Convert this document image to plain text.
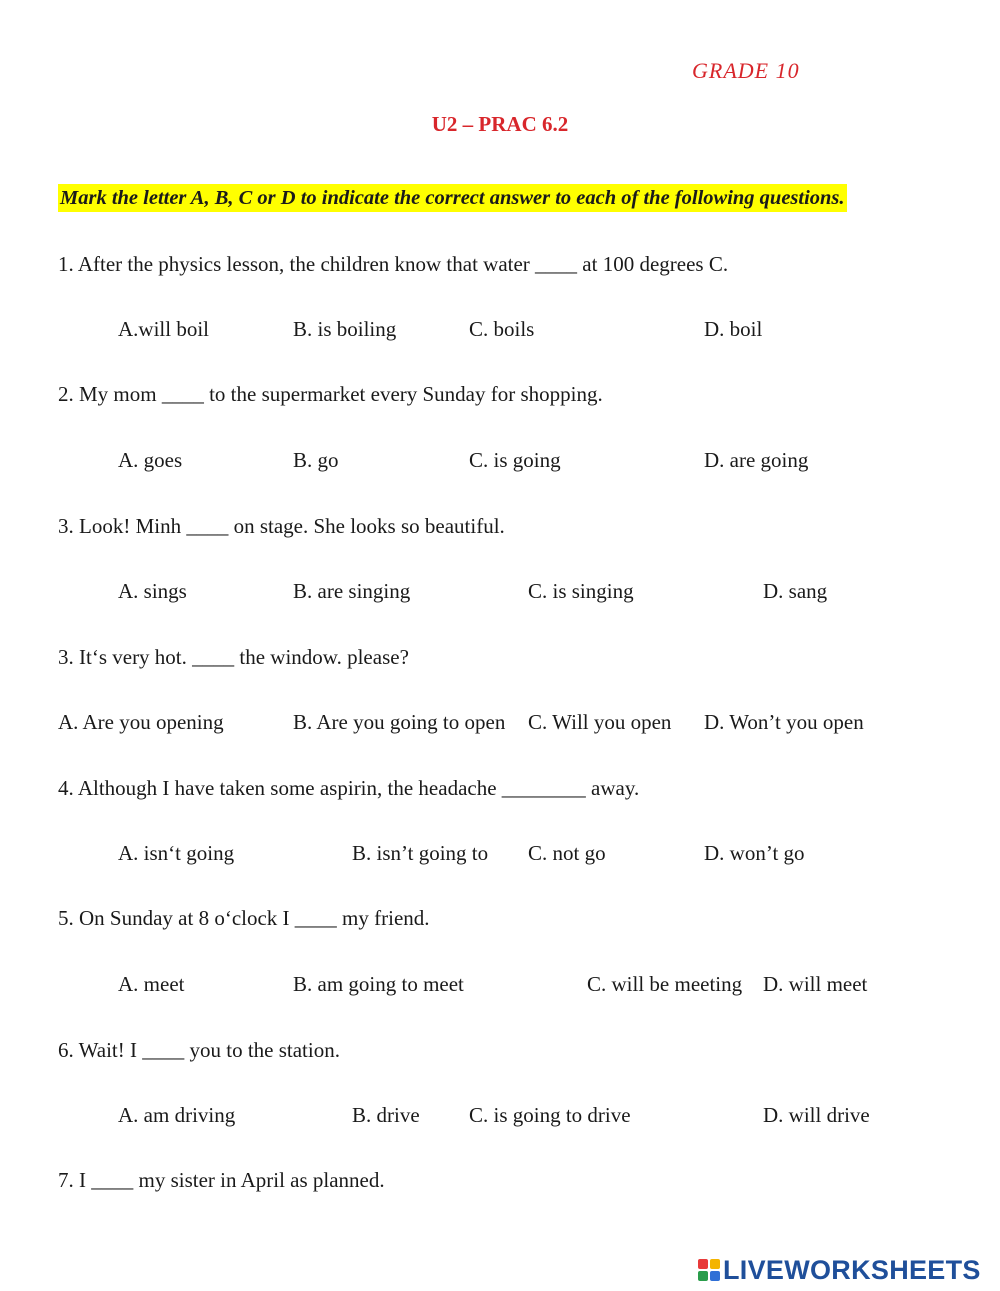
GRADE 10
U2 – PRAC 6.2
Mark the letter A, B, C or D to indicate the correct answer to each of the following questions.
1. After the physics lesson, the children know that water ____ at 100 degrees C.
A.will boil	B. is boiling	C. boils	D. boil
2. My mom ____ to the supermarket every Sunday for shopping.
A. goes	B. go	C. is going	D. are going
3. Look! Minh ____ on stage. She looks so beautiful.
A. sings	B. are singing	C. is singing	D. sang
3. It‘s very hot. ____ the window. please?
A. Are you opening	B. Are you going to open C. Will you open D. Won’t you open
4. Although I have taken some aspirin, the headache ________ away.
A. isn‘t going	B. isn’t going to C. not go	D. won’t go
5. On Sunday at 8 o‘clock I ____ my friend.
A. meet	B. am going to meet	C. will be meeting D. will meet
6. Wait! I ____ you to the station.
A. am driving	B. drive C. is going to drive	D. will drive
7. I ____ my sister in April as planned.
LIVEWORKSHEETS
